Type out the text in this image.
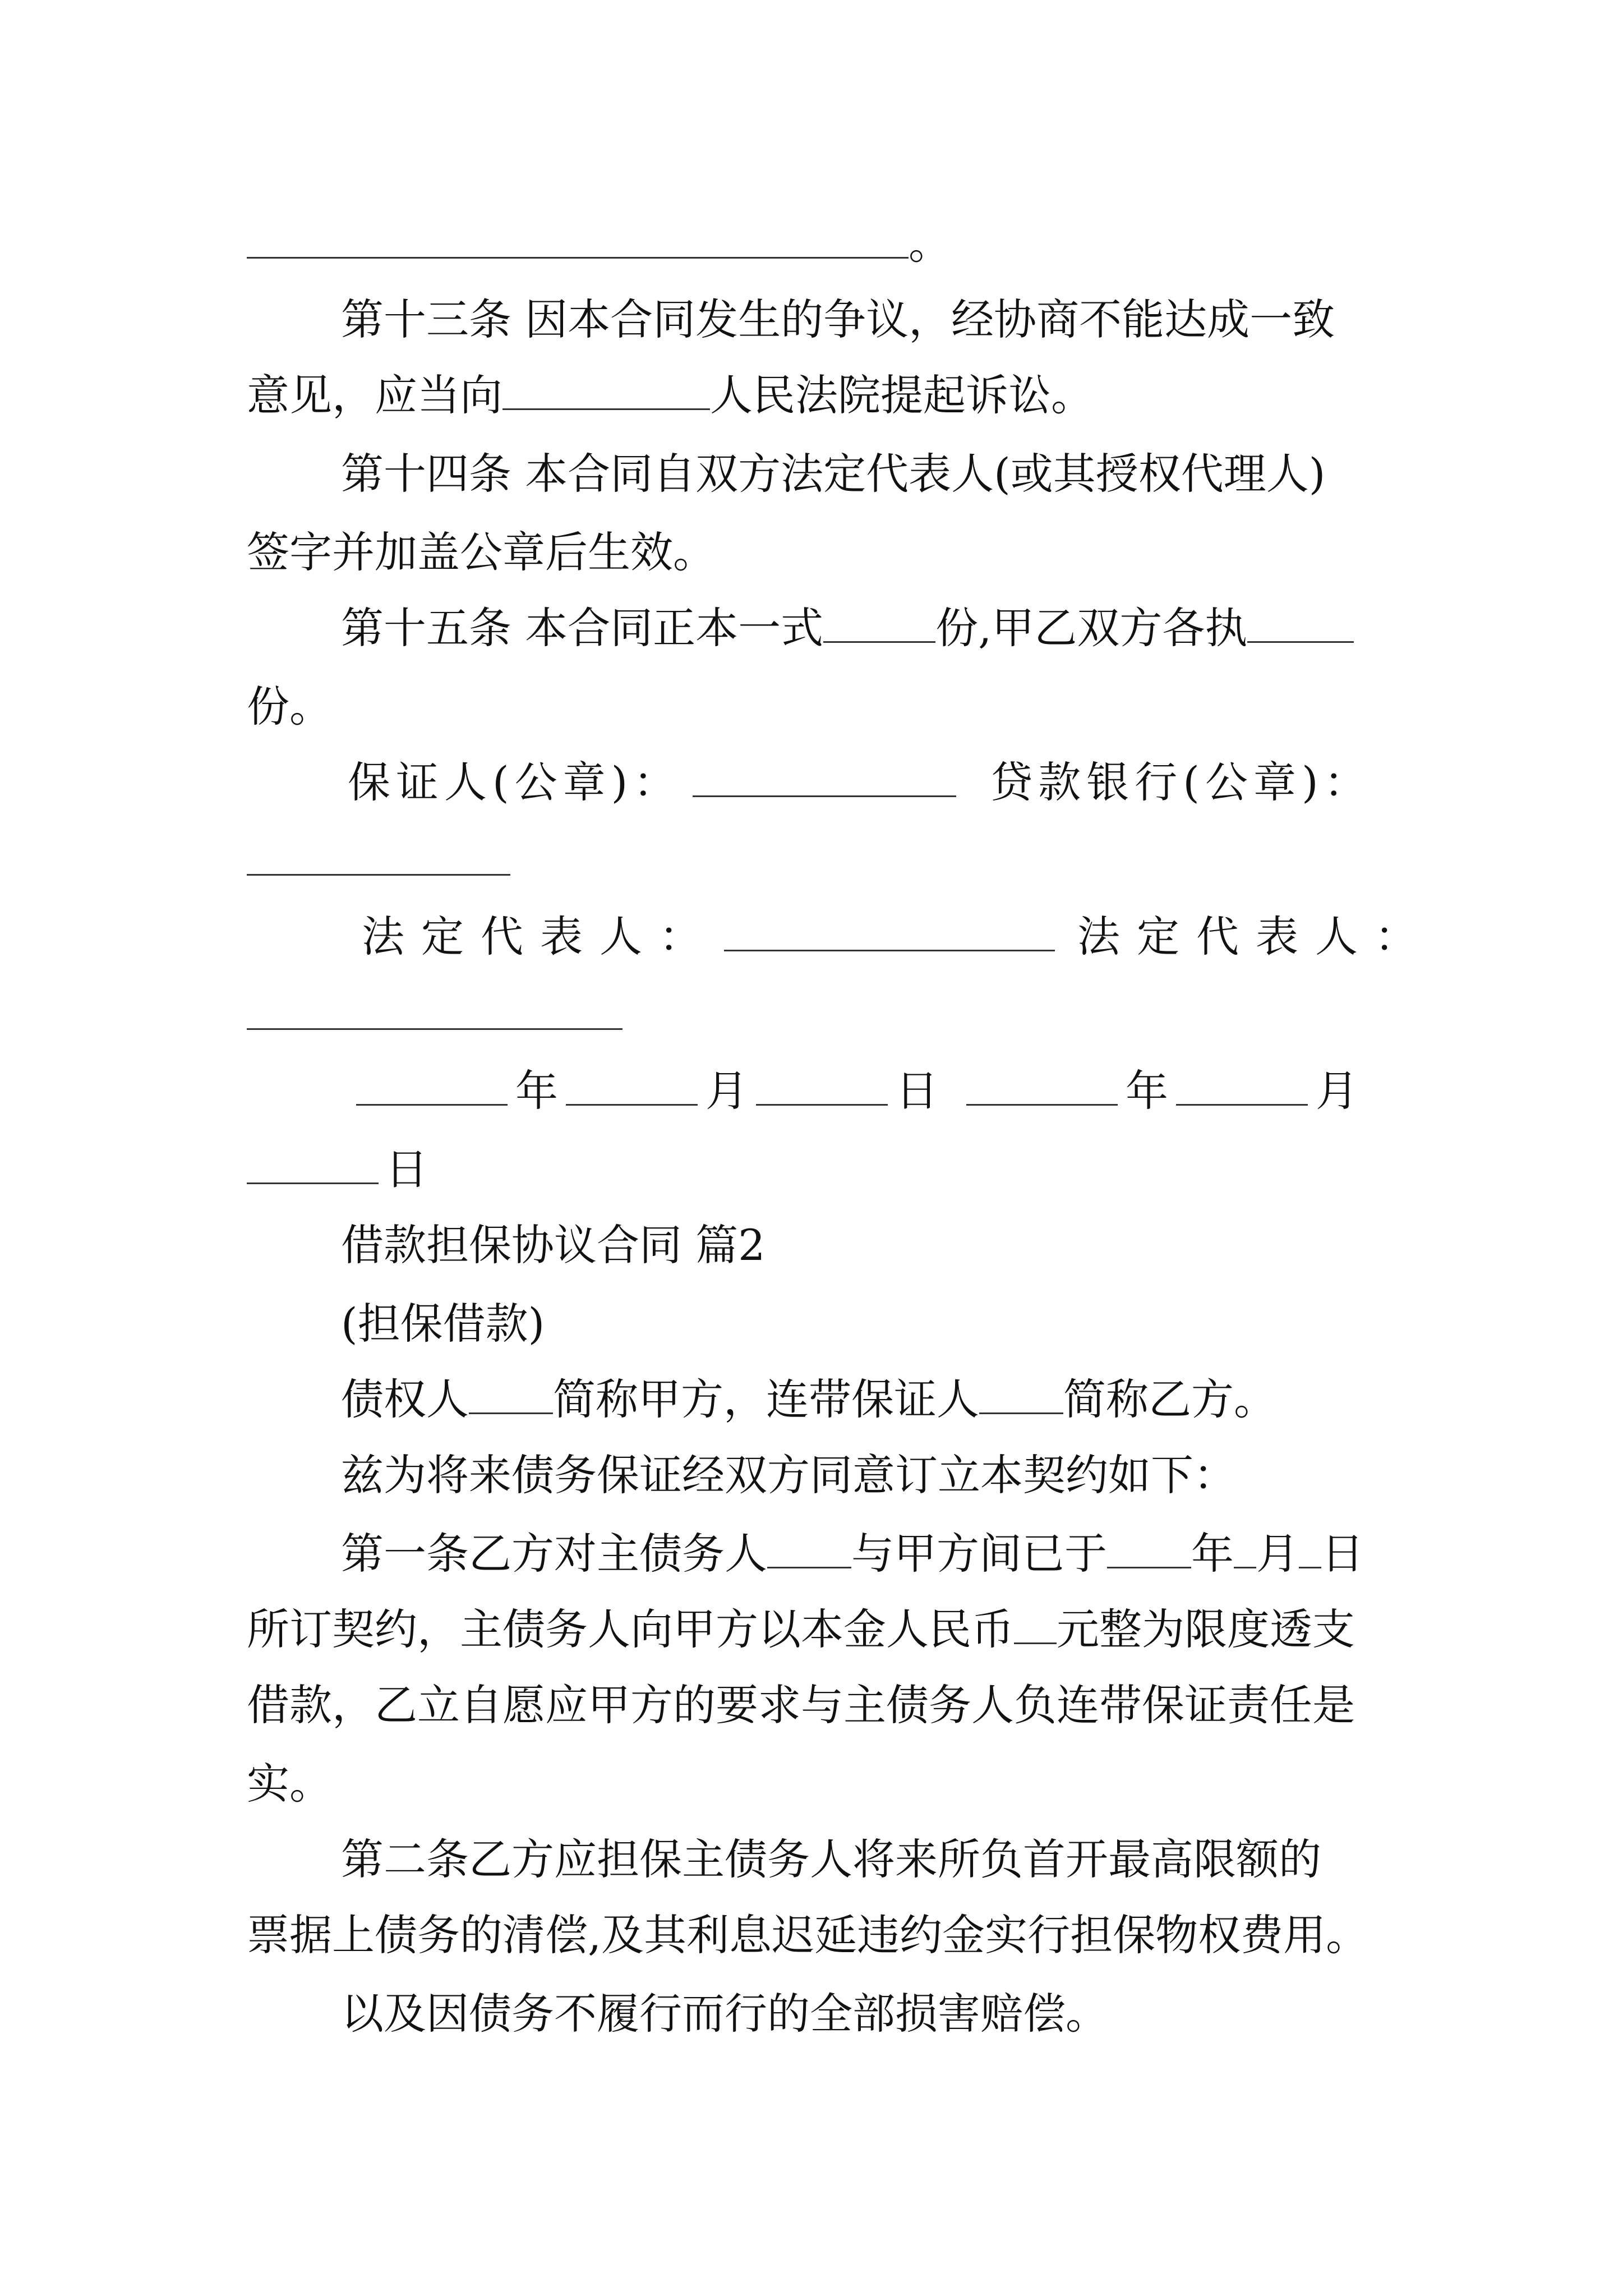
。
第十三条 因本合同发生的争议，经协商不能达成一致
意见，应当向	人民法院提起诉讼。
第十四条 本合同自双方法定代表人(或其授权代理人)
签字并加盖公章后生效。
第十五条 本合同正本一式	份,甲乙双方各执
份。
保证人(公章)：	贷款银行(公章)：
法定代表人：	法定代表人：
年	月	日	年	月
日
借款担保协议合同 篇2
(担保借款)
债权人 简称甲方，连带保证人 简称乙方。
兹为将来债务保证经双方同意订立本契约如下：
第一条乙方对主债务人 与甲方间已于 年 月 日
所订契约，主债务人向甲方以本金人民币 元整为限度透支
借款，乙立自愿应甲方的要求与主债务人负连带保证责任是
实。
第二条乙方应担保主债务人将来所负首开最高限额的
票据上债务的清偿,及其利息迟延违约金实行担保物权费用。
以及因债务不履行而行的全部损害赔偿。
